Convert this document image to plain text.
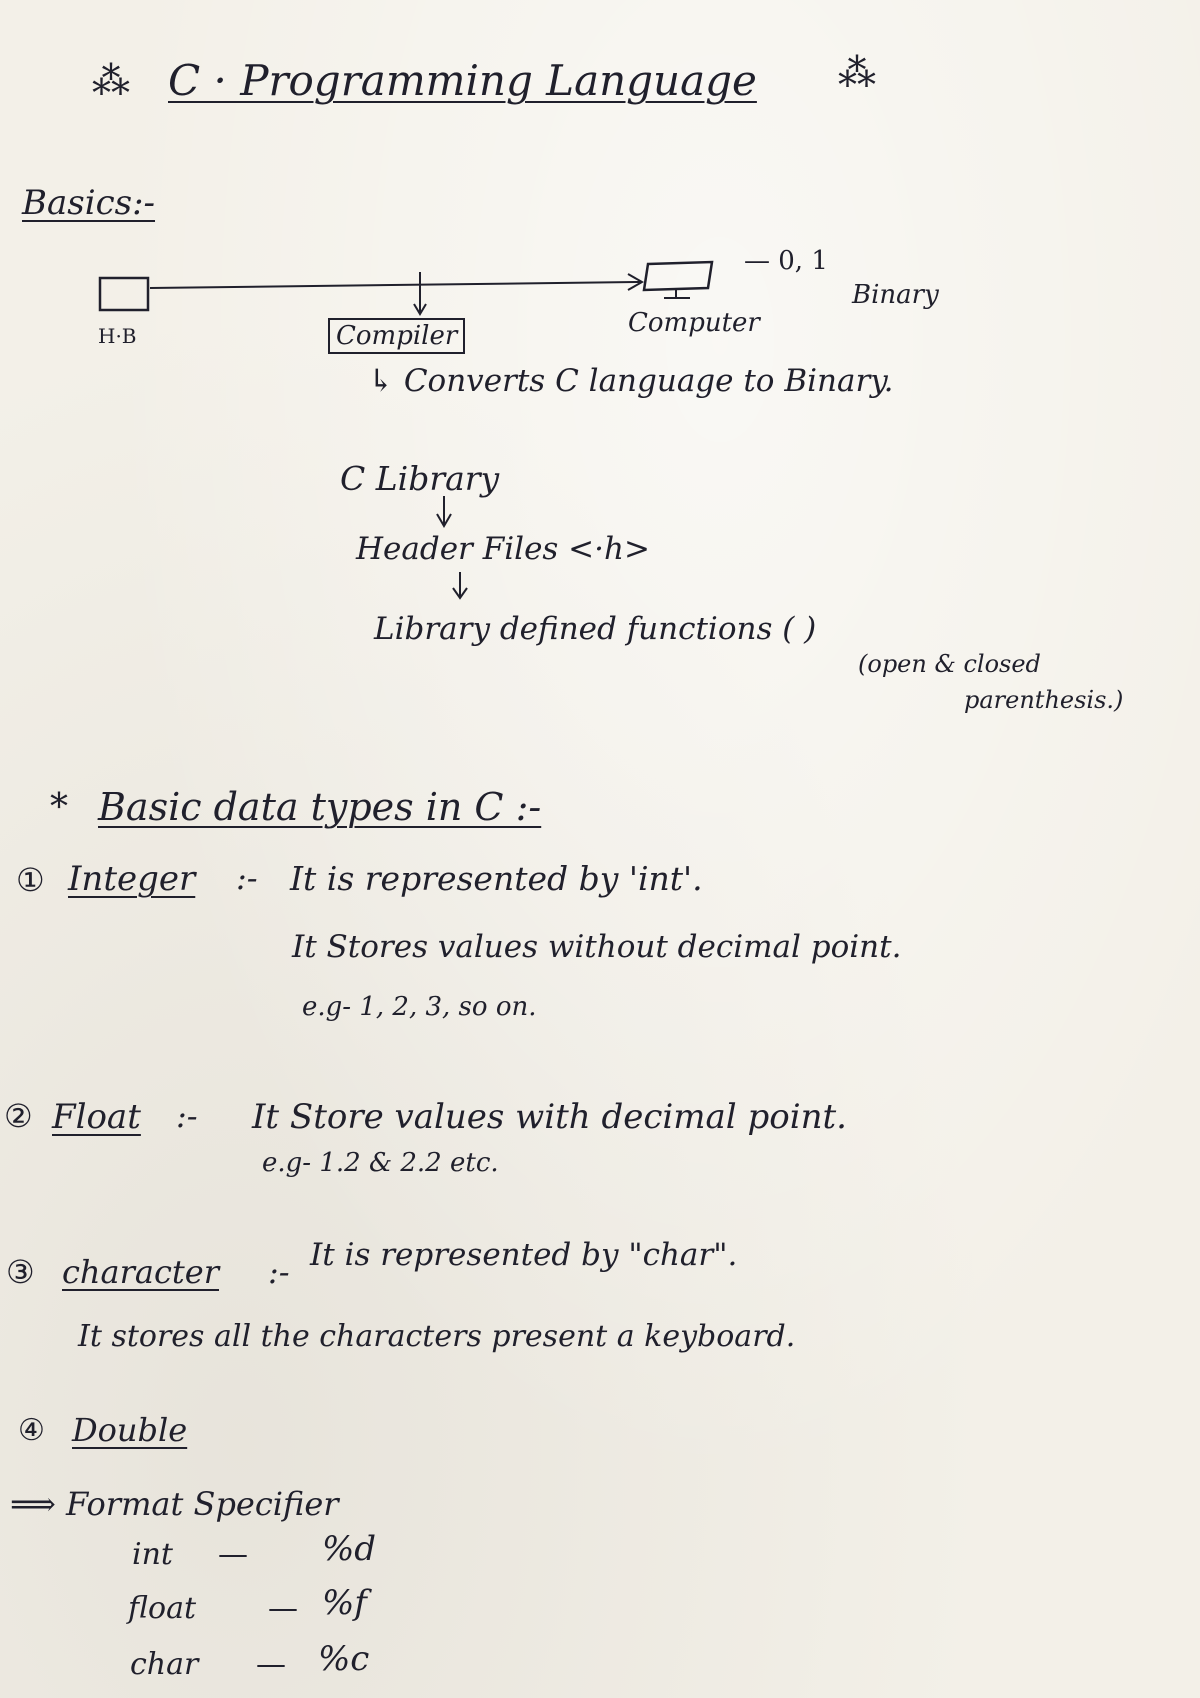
⁂ C · Programming Language ⁂
Basics:-
H·B	Compiler	Computer
— 0, 1
Binary
↳ Converts C language to Binary.
C Library
Header Files <·h>
Library defined functions ( )
(open & closed
parenthesis.)
* Basic data types in C :-
① Integer :- It is represented by 'int'.
It Stores values without decimal point.
e.g- 1, 2, 3, so on.
② Float :- It Store values with decimal point.
e.g- 1.2 & 2.2 etc.
③ character :- It is represented by "char".
It stores all the characters present a keyboard.
④ Double
⟹ Format Specifier
int — %d
float — %f
char — %c
